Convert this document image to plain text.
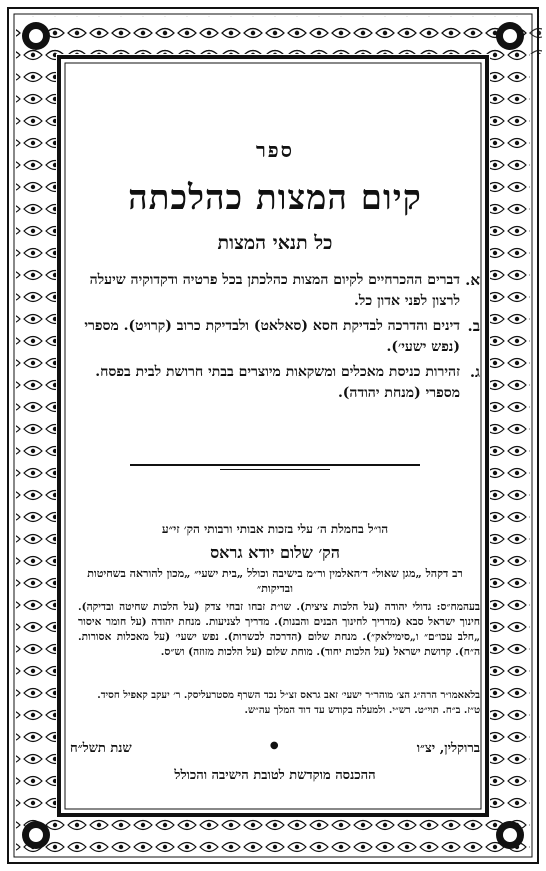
ספר
קיום המצות כהלכתה
כל תנאי המצות
א.
דברים ההכרחיים לקיום המצות כהלכתן בכל פרטיה ודקדוקיה שיעלה לרצון לפני אדון כל.
ב.
דינים והדרכה לבדיקת חסא (סאלאט) ולבדיקת כרוב (קרויט). מספרי (נפש ישעי׳).
ג.
זהירות כניסת מאכלים ומשקאות מיוצרים בבתי חרושת לבית בפסח. מספרי (מנחת יהודה).
הו״ל בחמלת ה׳ עלי בזכות אבותי ורבותי הק׳ זי״ע
הק׳ שלום יודא גראס
רב דקהל „מגן שאול״ ד׳האלמין ור״מ בישיבה וכולל „בית ישעי״ „מכון להוראה בשחיטות ובדיקות״
בעהמח״ס: גדולי יהודה (על הלכות ציצית). שו״ת זבחו זבחי צדק (על הלכות שחיטה ובדיקה). חינוך ישראל סבא (מדריך לחינוך הבנים והבנות). מדריך לצניעות. מנחת יהודה (על חומר איסור „חלב עכו״ם״ ו„סימילאק״). מנחת שלום (הדרכה לכשרות). נפש ישעי׳ (על מאכלות אסורות. ה״ח). קדושת ישראל (על הלכות יחוד). מוחת שלום (על הלכות מזוזה) וש״ס.
בלאאמו״ר הרה״ג הצ׳ מוהר״ר ישעי׳ זאב גראס זצ״ל נכד השרף מסטרעליסק. ר׳ יעקב קאפיל חסיד. ט״ז. ב״ח. תוי״ט. רש״י. ולמעלה בקודש עד דוד המלך עה״ש.
ברוקלין, יצ״ו
●
שנת תשל״ח
ההכנסה מוקדשת לטובת הישיבה והכולל
